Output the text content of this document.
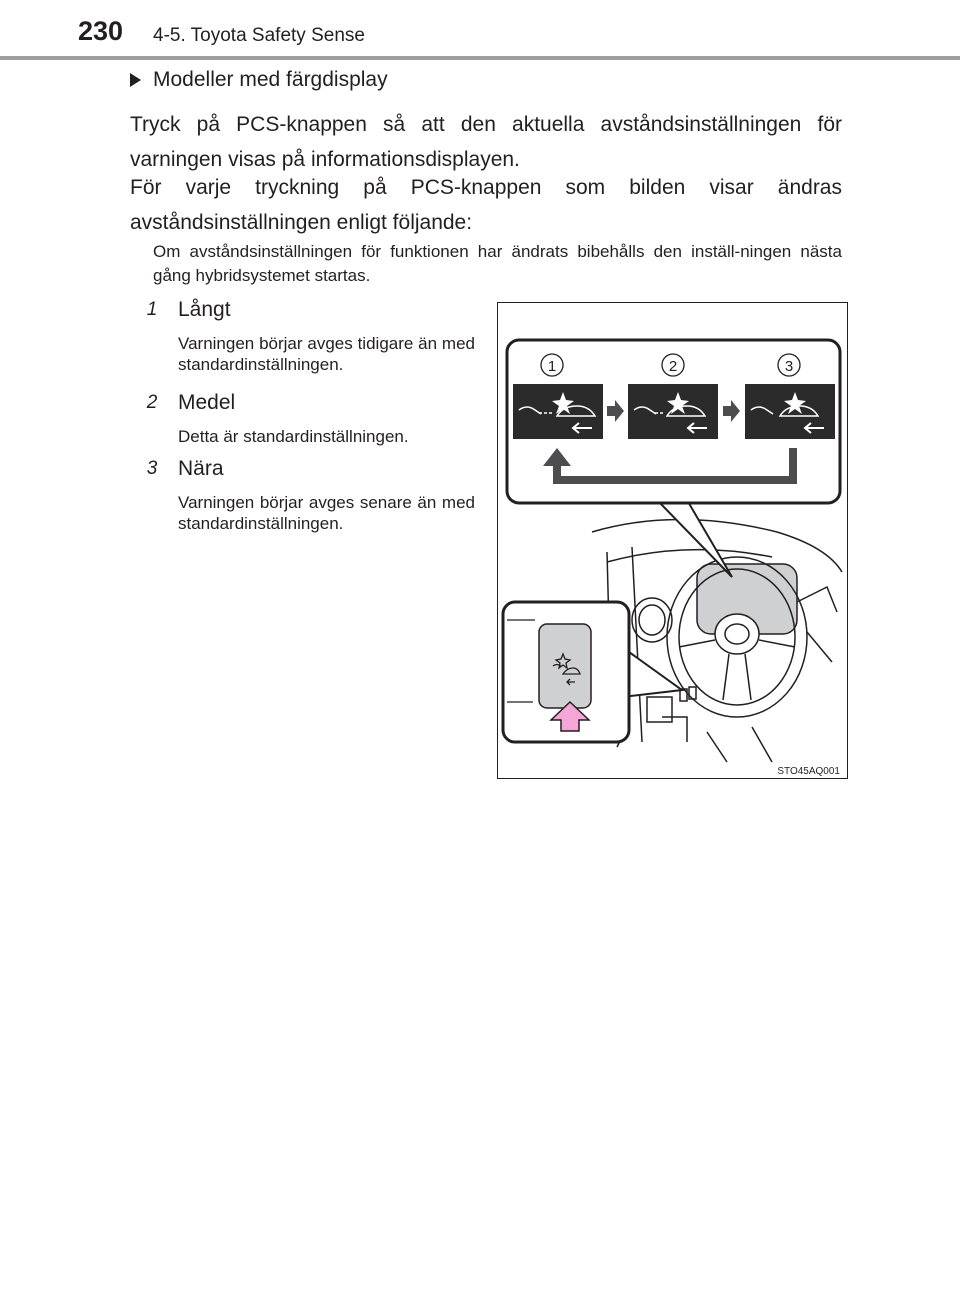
230 4-5. Toyota Safety Sense
Modeller med färgdisplay
Tryck på PCS-knappen så att den aktuella avståndsinställningen för varningen visas på informationsdisplayen.
För varje tryckning på PCS-knappen som bilden visar ändras avståndsinställningen enligt följande:
Om avståndsinställningen för funktionen har ändrats bibehålls den inställ-ningen nästa gång hybridsystemet startas.
1 Långt
Varningen börjar avges tidigare än med standardinställningen.
2 Medel
Detta är standardinställningen.
3 Nära
Varningen börjar avges senare än med standardinställningen.
1	2	3
STO45AQ001
